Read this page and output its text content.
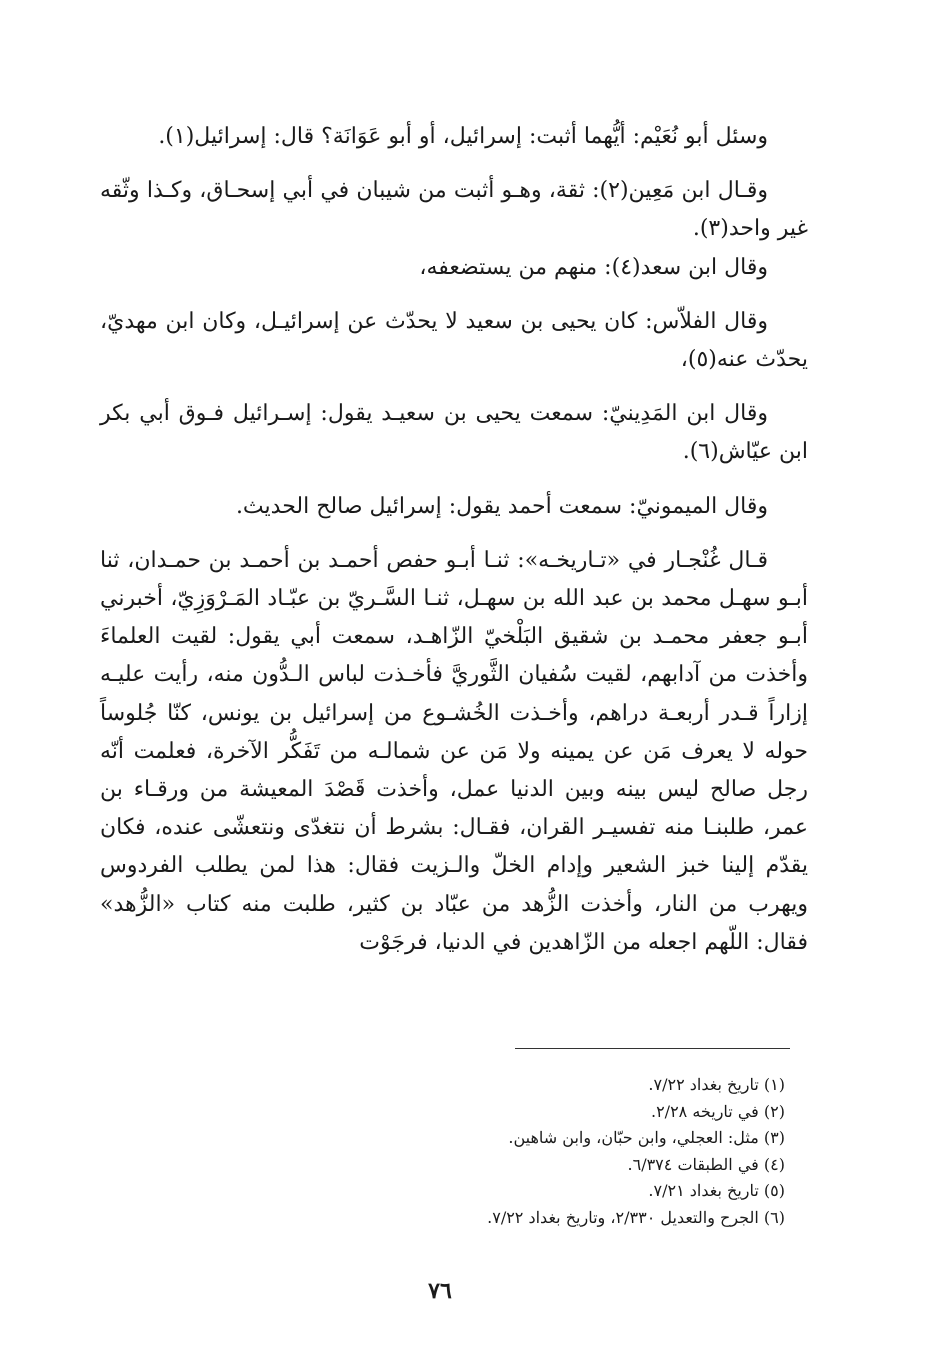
وسئل أبو نُعَيْم: أيُّهما أثبت: إسرائيل، أو أبو عَوَانَة؟ قال: إسرائيل(١).

وقـال ابن مَعِين(٢): ثقة، وهـو أثبت من شيبان في أبي إسحـاق، وكـذا وثّقه غير واحد(٣).

وقال ابن سعد(٤): منهم من يستضعفه،

وقال الفلاّس: كان يحيى بن سعيد لا يحدّث عن إسرائيـل، وكان ابن مهديّ، يحدّث عنه(٥)،

وقال ابن المَدِينيّ: سمعت يحيى بن سعيـد يقول: إسـرائيل فـوق أبي بكر ابن عيّاش(٦).

وقال الميمونيّ: سمعت أحمد يقول: إسرائيل صالح الحديث.

قـال غُنْجـار في «تـاريخـه»: ثنـا أبـو حفص أحمـد بن أحمـد بن حمـدان، ثنا أبـو سهـل محمد بن عبد الله بن سهـل، ثنـا السَّـريّ بن عبّـاد المَـرْوَزِيّ، أخبرني أبـو جعفر محمـد بن شقيق البَلْخيّ الزّاهـد، سمعت أبي يقول: لقيت العلماءَ وأخذت من آدابهم، لقيت سُفيان الثَّوريَّ فأخـذت لباس الـدُّون منه، رأيت عليـه إزاراً قـدر أربعـة دراهم، وأخـذت الخُشـوع من إسرائيل بن يونس، كنّا جُلوساً حوله لا يعرف مَن عن يمينه ولا مَن عن شمالـه من تَفَكُّر الآخرة، فعلمت أنّه رجل صالح ليس بينه وبين الدنيا عمل، وأخذت قَصْدَ المعيشة من ورقـاء بن عمر، طلبنـا منه تفسيـر القران، فقـال: بشرط أن نتغدّى ونتعشّى عنده، فكان يقدّم إلينا خبز الشعير وإدام الخلّ والـزيت فقال: هذا لمن يطلب الفردوس ويهرب من النار، وأخذت الزُّهد من عبّاد بن كثير، طلبت منه كتاب «الزُّهد» فقال: اللّهم اجعله من الزّاهدين في الدنيا، فرجَوْت

(١) تاريخ بغداد ٧/٢٢.
(٢) في تاريخه ٢/٢٨.
(٣) مثل: العجلي، وابن حبّان، وابن شاهين.
(٤) في الطبقات ٦/٣٧٤.
(٥) تاريخ بغداد ٧/٢١.
(٦) الجرح والتعديل ٢/٣٣٠، وتاريخ بغداد ٧/٢٢.
٧٦
